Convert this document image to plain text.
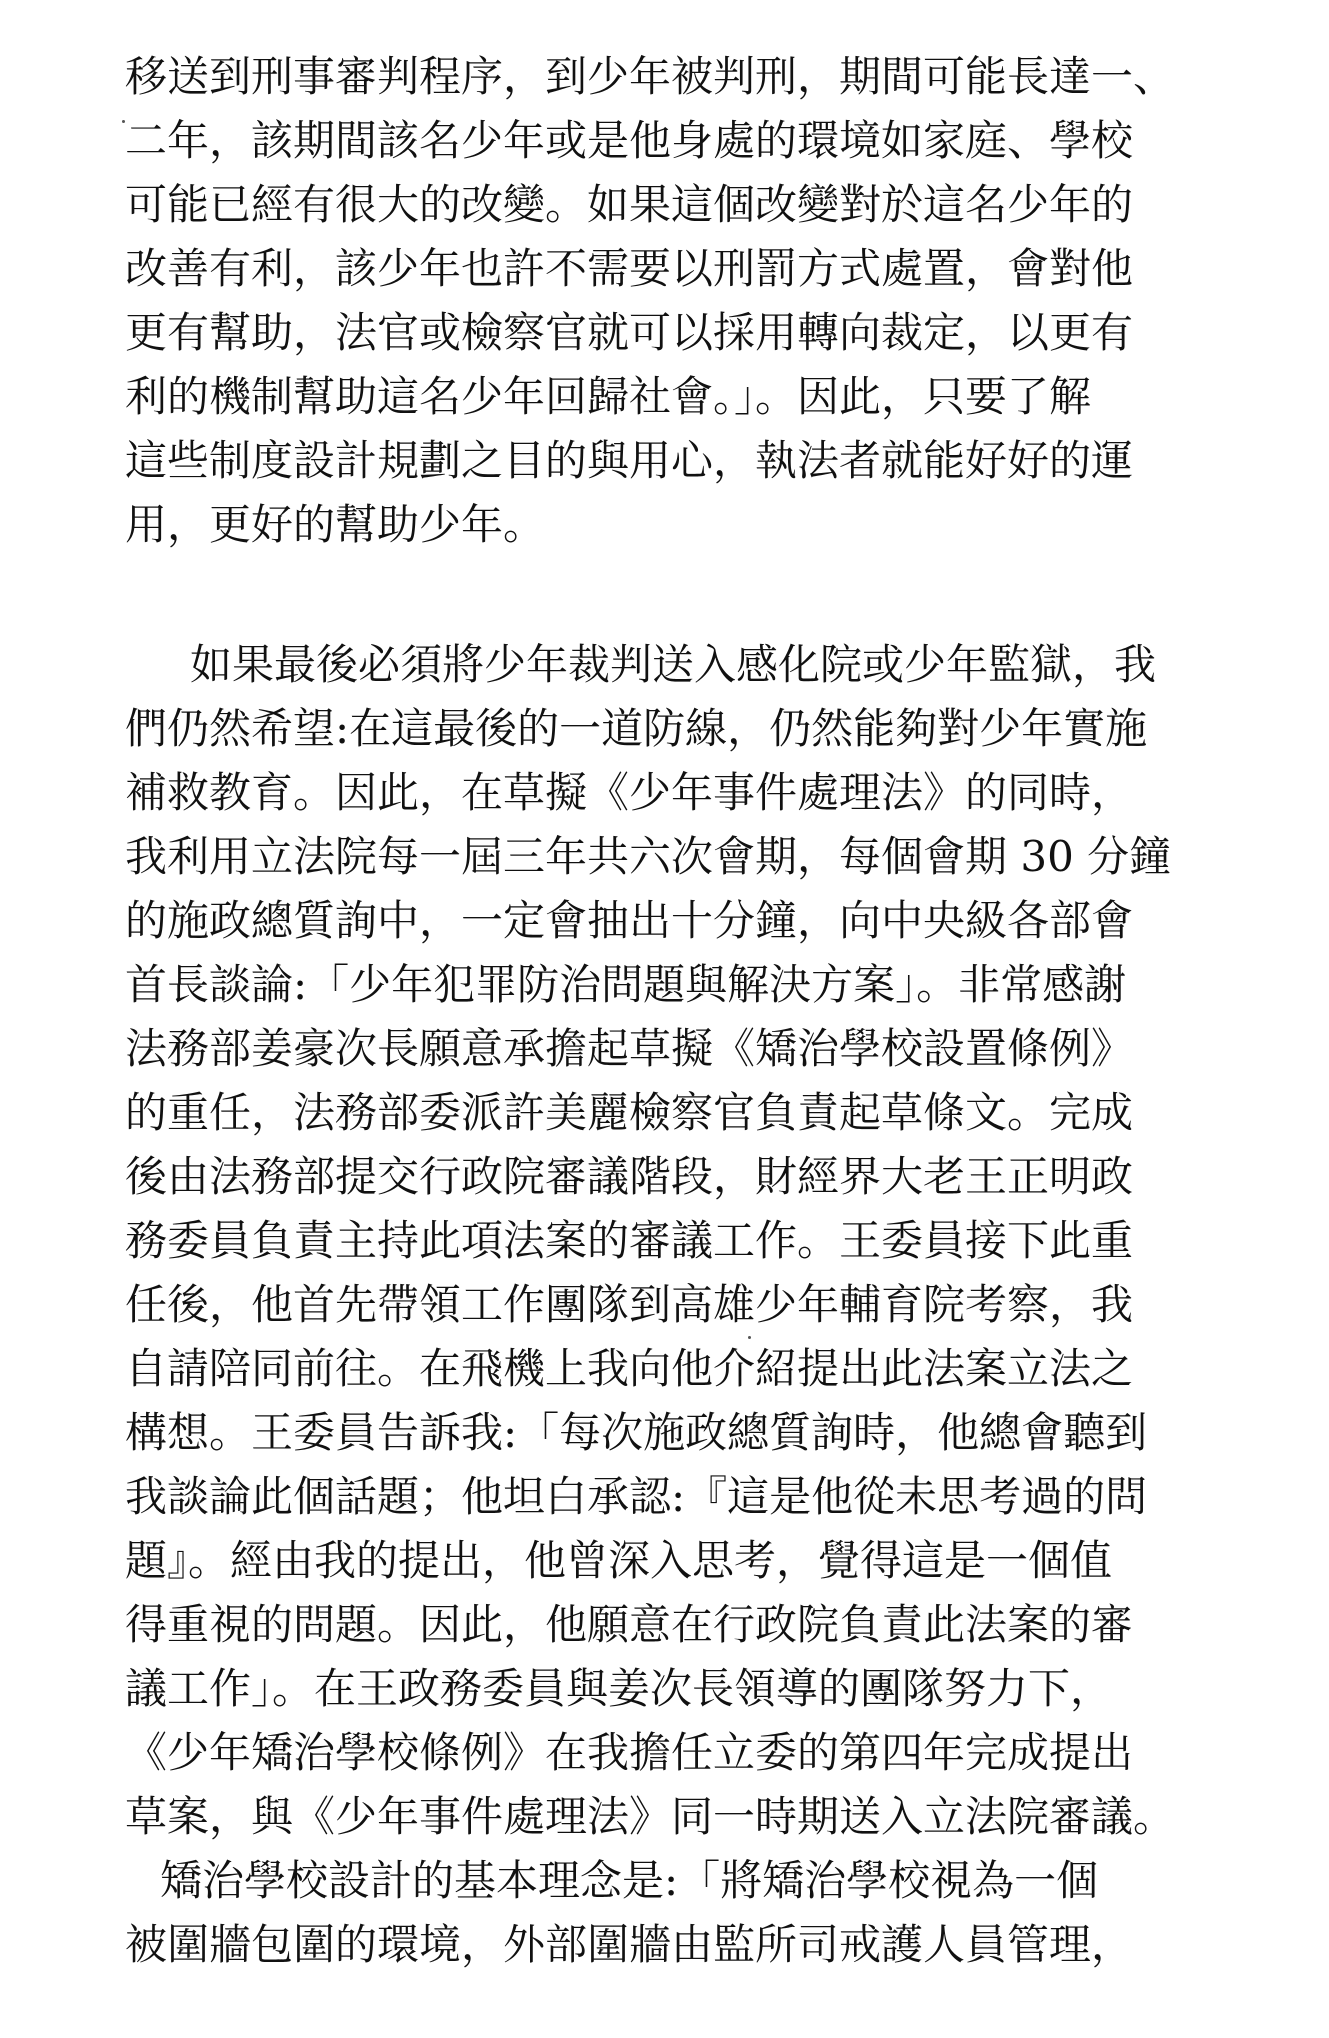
移送到刑事審判程序，到少年被判刑，期間可能長達一、
二年，該期間該名少年或是他身處的環境如家庭、學校
可能已經有很大的改變。如果這個改變對於這名少年的
改善有利，該少年也許不需要以刑罰方式處置，會對他
更有幫助，法官或檢察官就可以採用轉向裁定，以更有
利的機制幫助這名少年回歸社會。」。因此，只要了解
這些制度設計規劃之目的與用心，執法者就能好好的運
用，更好的幫助少年。
如果最後必須將少年裁判送入感化院或少年監獄，我
們仍然希望:在這最後的一道防線，仍然能夠對少年實施
補救教育。因此，在草擬《少年事件處理法》的同時，
我利用立法院每一屆三年共六次會期，每個會期 30 分鐘
的施政總質詢中，一定會抽出十分鐘，向中央級各部會
首長談論:「少年犯罪防治問題與解決方案」。非常感謝
法務部姜豪次長願意承擔起草擬《矯治學校設置條例》
的重任，法務部委派許美麗檢察官負責起草條文。完成
後由法務部提交行政院審議階段，財經界大老王正明政
務委員負責主持此項法案的審議工作。王委員接下此重
任後，他首先帶領工作團隊到高雄少年輔育院考察，我
自請陪同前往。在飛機上我向他介紹提出此法案立法之
構想。王委員告訴我:「每次施政總質詢時，他總會聽到
我談論此個話題；他坦白承認:『這是他從未思考過的問
題』。經由我的提出，他曾深入思考，覺得這是一個值
得重視的問題。因此，他願意在行政院負責此法案的審
議工作」。在王政務委員與姜次長領導的團隊努力下，
《少年矯治學校條例》在我擔任立委的第四年完成提出
草案，與《少年事件處理法》同一時期送入立法院審議。
矯治學校設計的基本理念是:「將矯治學校視為一個
被圍牆包圍的環境，外部圍牆由監所司戒護人員管理，
